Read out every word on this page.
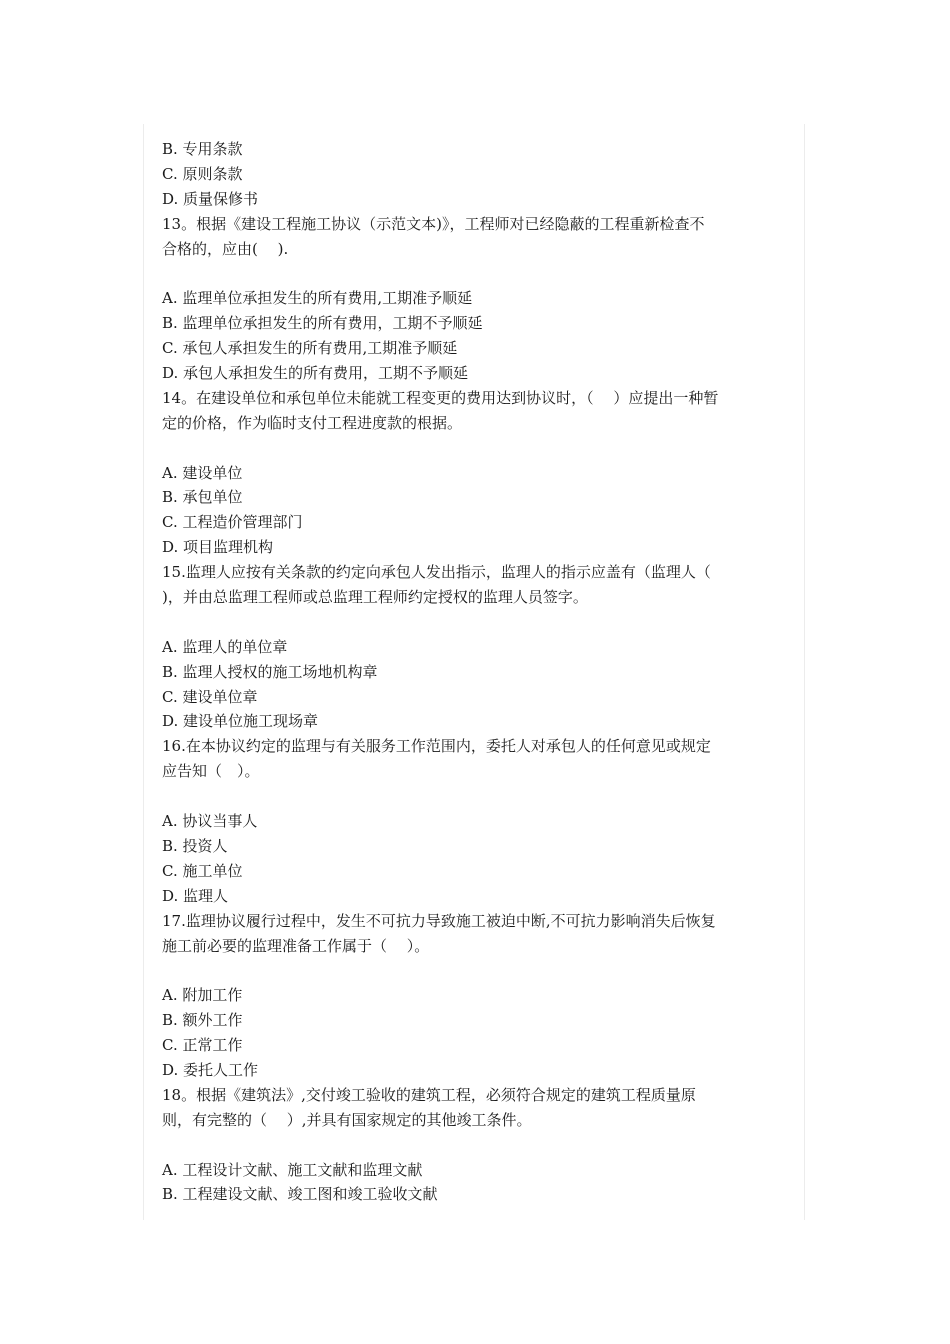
B. 专用条款
C. 原则条款
D. 质量保修书
13。根据《建设工程施工协议（示范文本)》，工程师对已经隐蔽的工程重新检查不
合格的，应由(　 ).
A. 监理单位承担发生的所有费用,工期准予顺延
B. 监理单位承担发生的所有费用，工期不予顺延
C. 承包人承担发生的所有费用,工期准予顺延
D. 承包人承担发生的所有费用，工期不予顺延
14。在建设单位和承包单位未能就工程变更的费用达到协议时，（　 ）应提出一种暂
定的价格，作为临时支付工程进度款的根据。
A. 建设单位
B. 承包单位
C. 工程造价管理部门
D. 项目监理机构
15.监理人应按有关条款的约定向承包人发出指示，监理人的指示应盖有（监理人（
)，并由总监理工程师或总监理工程师约定授权的监理人员签字。
A. 监理人的单位章
B. 监理人授权的施工场地机构章
C. 建设单位章
D. 建设单位施工现场章
16.在本协议约定的监理与有关服务工作范围内，委托人对承包人的任何意见或规定
应告知（　）。
A. 协议当事人
B. 投资人
C. 施工单位
D. 监理人
17.监理协议履行过程中，发生不可抗力导致施工被迫中断,不可抗力影响消失后恢复
施工前必要的监理准备工作属于（　 ）。
A. 附加工作
B. 额外工作
C. 正常工作
D. 委托人工作
18。根据《建筑法》,交付竣工验收的建筑工程，必须符合规定的建筑工程质量原
则，有完整的（　 ）,并具有国家规定的其他竣工条件。
A. 工程设计文献、施工文献和监理文献
B. 工程建设文献、竣工图和竣工验收文献
